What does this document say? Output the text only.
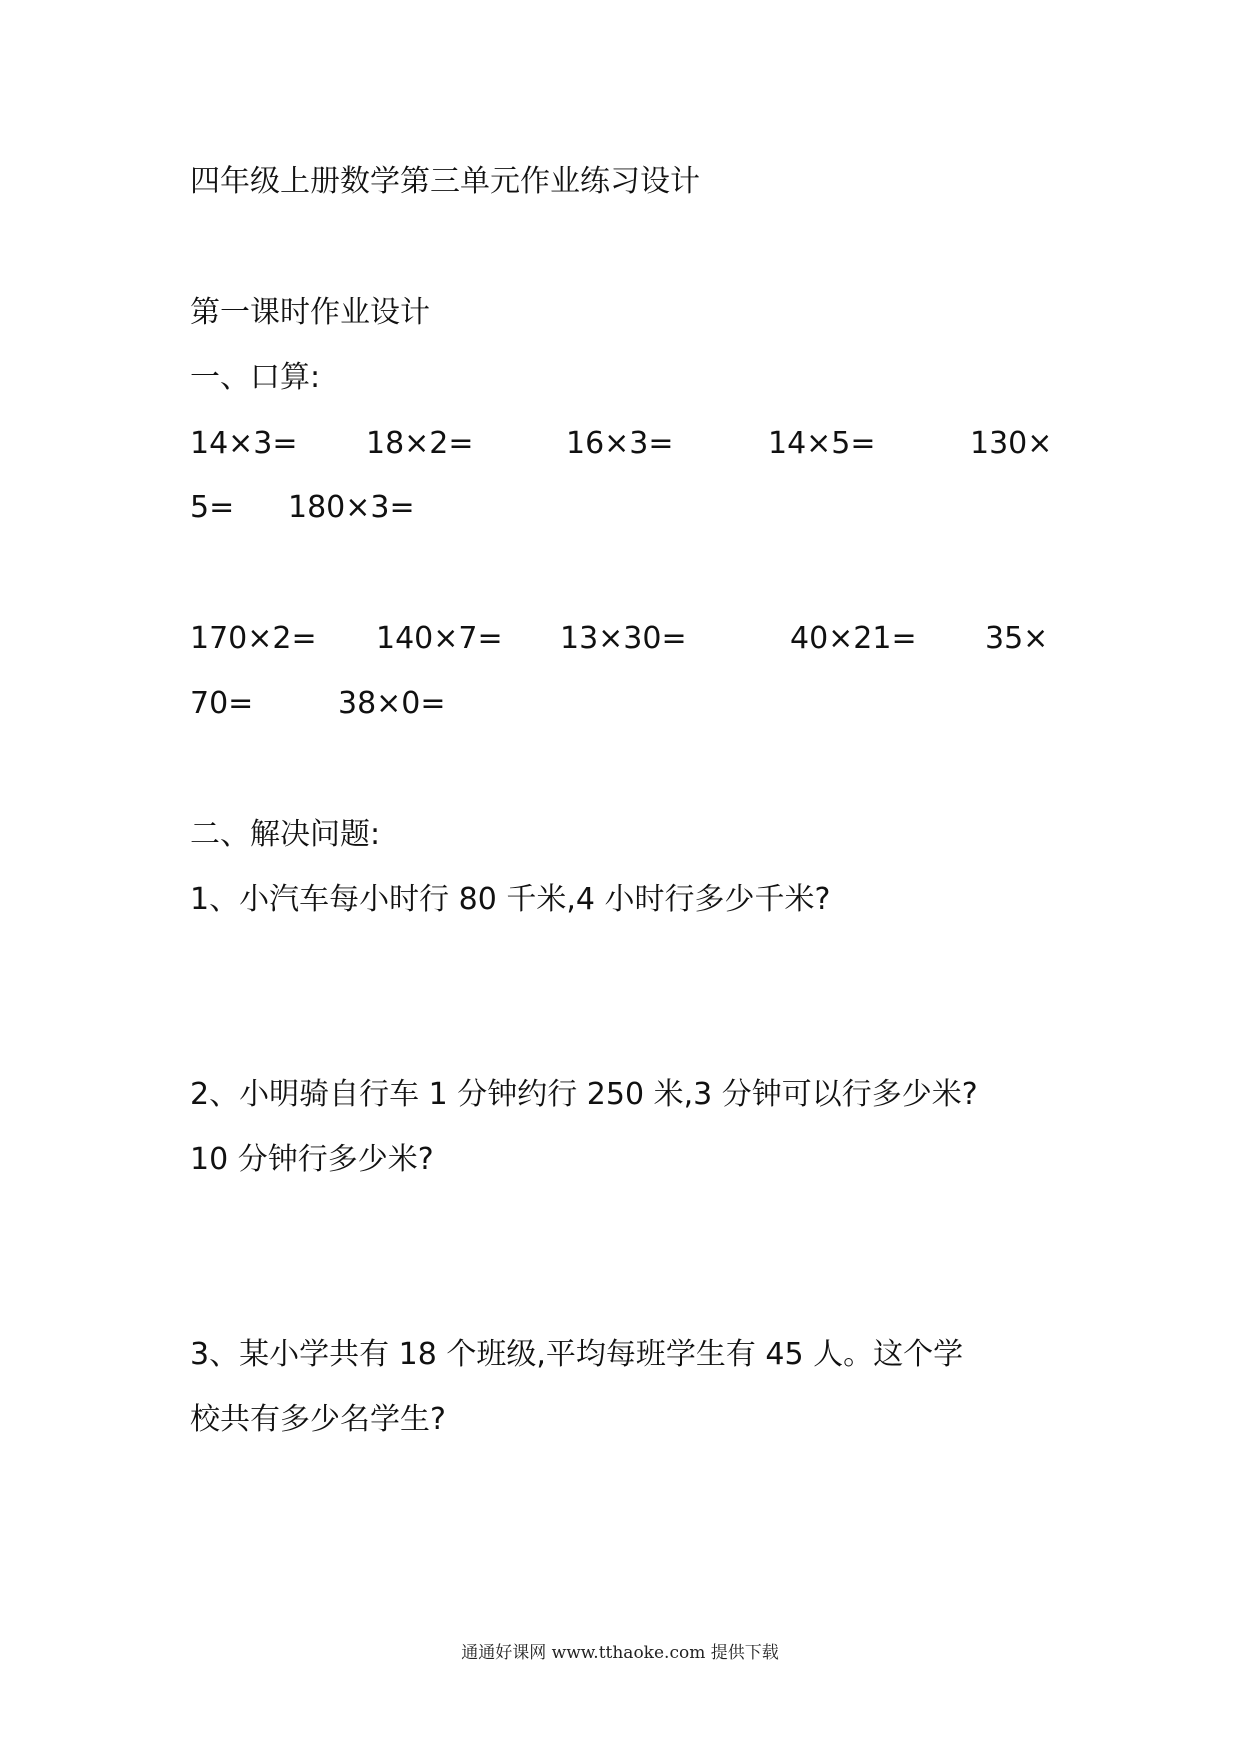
四年级上册数学第三单元作业练习设计
第一课时作业设计
一、口算:
14×3= 18×2=	16×3=	14×5=	130×
5= 180×3=
170×2= 140×7= 13×30=	40×21= 35×
70=	38×0=
二、解决问题:
1、小汽车每小时行 80 千米,4 小时行多少千米?
2、小明骑自行车 1 分钟约行 250 米,3 分钟可以行多少米?
10 分钟行多少米?
3、某小学共有 18 个班级,平均每班学生有 45 人。这个学
校共有多少名学生?
通通好课网 www.tthaoke.com 提供下载
